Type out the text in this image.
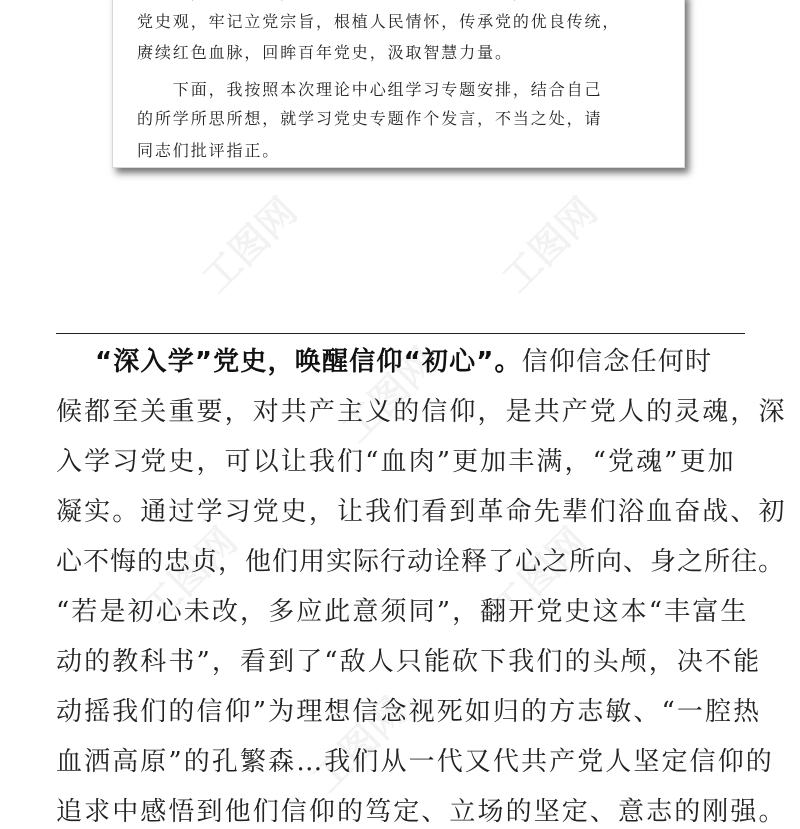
工图网	工图网
工图网
工图网	工图网
工图网
党史观，牢记立党宗旨，根植人民情怀，传承党的优良传统，
赓续红色血脉，回眸百年党史，汲取智慧力量。
　　下面，我按照本次理论中心组学习专题安排，结合自己
的所学所思所想，就学习党史专题作个发言，不当之处，请
同志们批评指正。
“深入学”党史，唤醒信仰“初心”。信仰信念任何时
候都至关重要，对共产主义的信仰，是共产党人的灵魂，深
入学习党史，可以让我们“血肉”更加丰满，“党魂”更加
凝实。通过学习党史，让我们看到革命先辈们浴血奋战、初
心不悔的忠贞，他们用实际行动诠释了心之所向、身之所往。
“若是初心未改，多应此意须同”，翻开党史这本“丰富生
动的教科书”，看到了“敌人只能砍下我们的头颅，决不能
动摇我们的信仰”为理想信念视死如归的方志敏、“一腔热
血洒高原”的孔繁森…我们从一代又代共产党人坚定信仰的
追求中感悟到他们信仰的笃定、立场的坚定、意志的刚强。
